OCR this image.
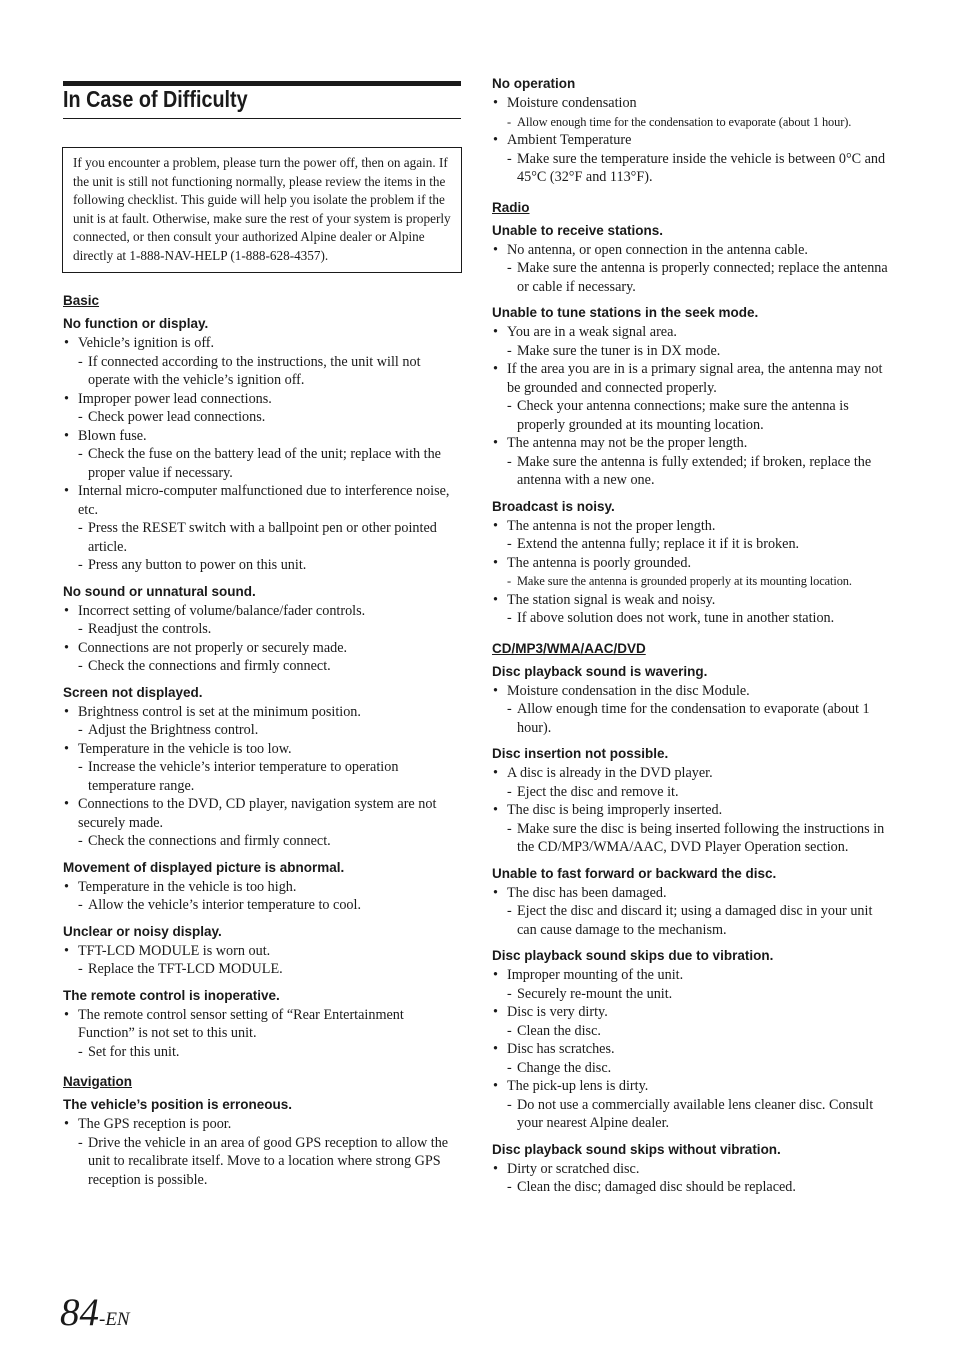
In Case of Difficulty
If you encounter a problem, please turn the power off, then on again. If the unit is still not functioning normally, please review the items in the following checklist. This guide will help you isolate the problem if the unit is at fault. Otherwise, make sure the rest of your system is properly connected, or then consult your authorized Alpine dealer or Alpine directly at 1-888-NAV-HELP (1-888-628-4357).
Basic
No function or display.
• Vehicle’s ignition is off.
- If connected according to the instructions, the unit will not operate with the vehicle’s ignition off.
• Improper power lead connections.
- Check power lead connections.
• Blown fuse.
- Check the fuse on the battery lead of the unit; replace with the proper value if necessary.
• Internal micro-computer malfunctioned due to interference noise, etc.
- Press the RESET switch with a ballpoint pen or other pointed article.
- Press any button to power on this unit.
No sound or unnatural sound.
• Incorrect setting of volume/balance/fader controls.
- Readjust the controls.
• Connections are not properly or securely made.
- Check the connections and firmly connect.
Screen not displayed.
• Brightness control is set at the minimum position.
- Adjust the Brightness control.
• Temperature in the vehicle is too low.
- Increase the vehicle’s interior temperature to operation temperature range.
• Connections to the DVD, CD player, navigation system are not securely made.
- Check the connections and firmly connect.
Movement of displayed picture is abnormal.
• Temperature in the vehicle is too high.
- Allow the vehicle’s interior temperature to cool.
Unclear or noisy display.
• TFT-LCD MODULE is worn out.
- Replace the TFT-LCD MODULE.
The remote control is inoperative.
• The remote control sensor setting of “Rear Entertainment Function” is not set to this unit.
- Set for this unit.
Navigation
The vehicle’s position is erroneous.
• The GPS reception is poor.
- Drive the vehicle in an area of good GPS reception to allow the unit to recalibrate itself. Move to a location where strong GPS reception is possible.
No operation
• Moisture condensation
- Allow enough time for the condensation to evaporate (about 1 hour).
• Ambient Temperature
- Make sure the temperature inside the vehicle is between 0°C and 45°C (32°F and 113°F).
Radio
Unable to receive stations.
• No antenna, or open connection in the antenna cable.
- Make sure the antenna is properly connected; replace the antenna or cable if necessary.
Unable to tune stations in the seek mode.
• You are in a weak signal area.
- Make sure the tuner is in DX mode.
• If the area you are in is a primary signal area, the antenna may not be grounded and connected properly.
- Check your antenna connections; make sure the antenna is properly grounded at its mounting location.
• The antenna may not be the proper length.
- Make sure the antenna is fully extended; if broken, replace the antenna with a new one.
Broadcast is noisy.
• The antenna is not the proper length.
- Extend the antenna fully; replace it if it is broken.
• The antenna is poorly grounded.
- Make sure the antenna is grounded properly at its mounting location.
• The station signal is weak and noisy.
- If above solution does not work, tune in another station.
CD/MP3/WMA/AAC/DVD
Disc playback sound is wavering.
• Moisture condensation in the disc Module.
- Allow enough time for the condensation to evaporate (about 1 hour).
Disc insertion not possible.
• A disc is already in the DVD player.
- Eject the disc and remove it.
• The disc is being improperly inserted.
- Make sure the disc is being inserted following the instructions in the CD/MP3/WMA/AAC, DVD Player Operation section.
Unable to fast forward or backward the disc.
• The disc has been damaged.
- Eject the disc and discard it; using a damaged disc in your unit can cause damage to the mechanism.
Disc playback sound skips due to vibration.
• Improper mounting of the unit.
- Securely re-mount the unit.
• Disc is very dirty.
- Clean the disc.
• Disc has scratches.
- Change the disc.
• The pick-up lens is dirty.
- Do not use a commercially available lens cleaner disc. Consult your nearest Alpine dealer.
Disc playback sound skips without vibration.
• Dirty or scratched disc.
- Clean the disc; damaged disc should be replaced.
84-EN
